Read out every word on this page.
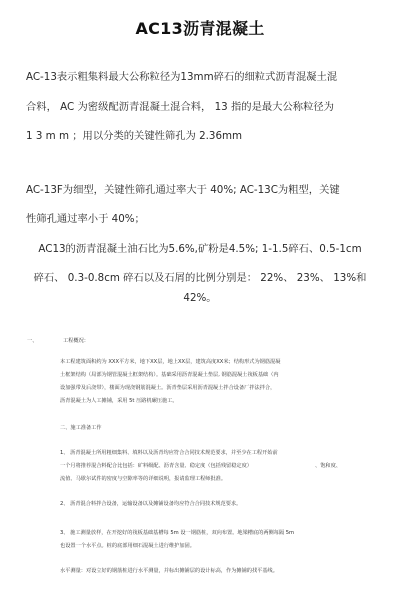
AC13沥青混凝土
AC-13表示粗集料最大公称粒径为13mm碎石的细粒式沥青混凝土混
合料， AC 为密级配沥青混凝土混合料， 13 指的是最大公称粒径为
1 3 m m ；用以分类的关键性筛孔为 2.36mm
AC-13F为细型，关键性筛孔通过率大于 40%; AC-13C为粗型，关键
性筛孔通过率小于 40%；
AC13的沥青混凝土油石比为5.6%,矿粉是4.5%; 1-1.5碎石、0.5-1cm
碎石、 0.3-0.8cm 碎石以及石屑的比例分别是： 22%、 23%、 13%和
42%。
一、	工程概况：
本工程建筑面积约为 XXX平方米，地下XX层，地上XX层，建筑高度XX米；结构形式为钢筋混凝
土框架结构（局部为钢管混凝土框架结构）。基础采用沥青混凝土垫层, 钢筋混凝土筏板基础（内
设加强带及后浇带），楼面为现浇钢筋混凝土。沥青垫层采用沥青混凝土拌合设备厂拌法拌合，
沥青混凝土为人工摊铺，采用 5t 压路机碾压施工。
二、施工准备工作
1、 沥青混凝土所用粗细集料、填料以及沥青均应符合合同技术规范要求，并至少在工程开始前
一个月将推荐混合料配合比包括：矿料级配、沥青含量、稳定度（包括残留稳定度）	、饱和度、
流值、马歇尔试件的密度与空隙率等的详细说明，报请监理工程师批准。
2、 沥青混合料拌合设备，运输设备以及摊铺设备均应符合合同技术规范要求。
3、 施工测量放样，在开挖好的筏板基础基槽每 5m 设一钢筋桩，双向布置。地梁槽底的两侧每隔 5m
也设置一个水平点。桩的底部用细石混凝土进行维护加固。
水平测量：对设立好的钢筋桩进行水平测量，并标出摊铺层的设计标高，作为摊铺的找平基线。
